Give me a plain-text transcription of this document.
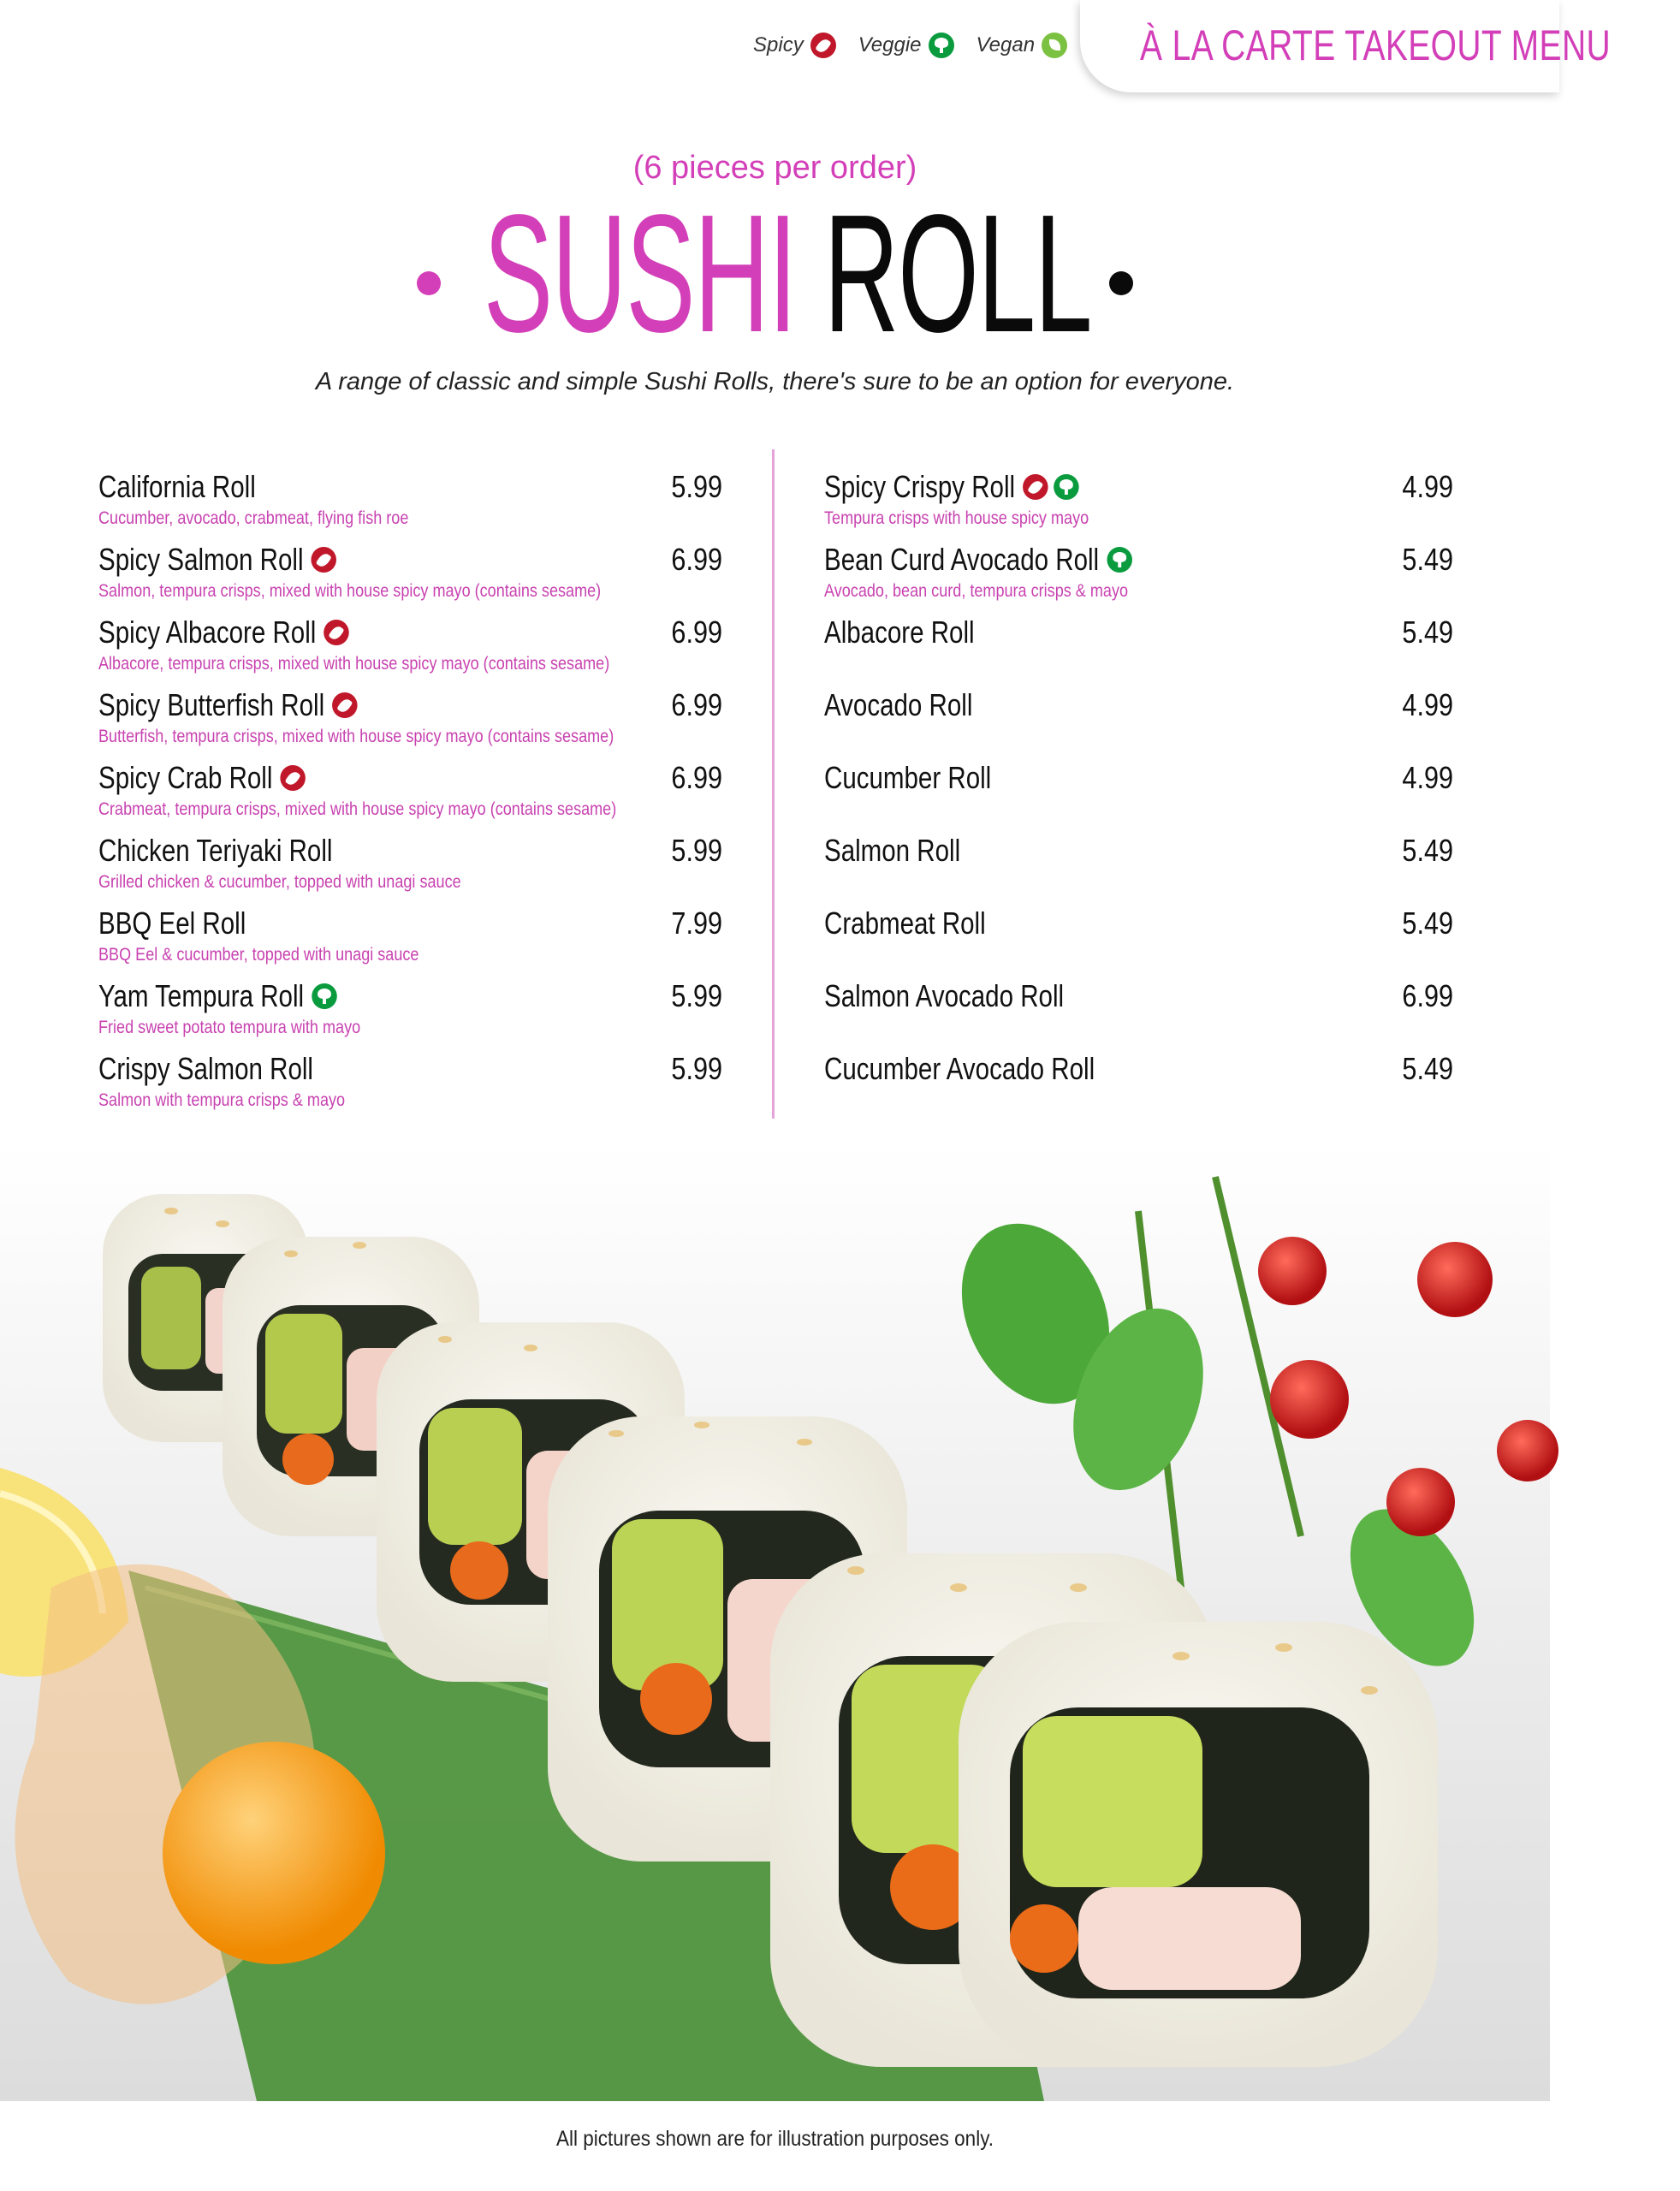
Spicy	Veggie	Vegan À LA CARTE TAKEOUT MENU
(6 pieces per order)
SUSHI ROLL
A range of classic and simple Sushi Rolls, there's sure to be an option for everyone.
California Roll
Cucumber, avocado, crabmeat, flying fish roe
5.99
Spicy Salmon Roll
Salmon, tempura crisps, mixed with house spicy mayo (contains sesame)
6.99
Spicy Albacore Roll
Albacore, tempura crisps, mixed with house spicy mayo (contains sesame)
6.99
Spicy Butterfish Roll
Butterfish, tempura crisps, mixed with house spicy mayo (contains sesame)
6.99
Spicy Crab Roll
Crabmeat, tempura crisps, mixed with house spicy mayo (contains sesame)
6.99
Chicken Teriyaki Roll
Grilled chicken & cucumber, topped with unagi sauce
5.99
BBQ Eel Roll
BBQ Eel & cucumber, topped with unagi sauce
7.99
Yam Tempura Roll
Fried sweet potato tempura with mayo
5.99
Crispy Salmon Roll
Salmon with tempura crisps & mayo
5.99
Spicy Crispy Roll
Tempura crisps with house spicy mayo
4.99
Bean Curd Avocado Roll
Avocado, bean curd, tempura crisps & mayo
5.49
Albacore Roll	5.49
Avocado Roll	4.99
Cucumber Roll	4.99
Salmon Roll	5.49
Crabmeat Roll	5.49
Salmon Avocado Roll	6.99
Cucumber Avocado Roll	5.49
All pictures shown are for illustration purposes only.
